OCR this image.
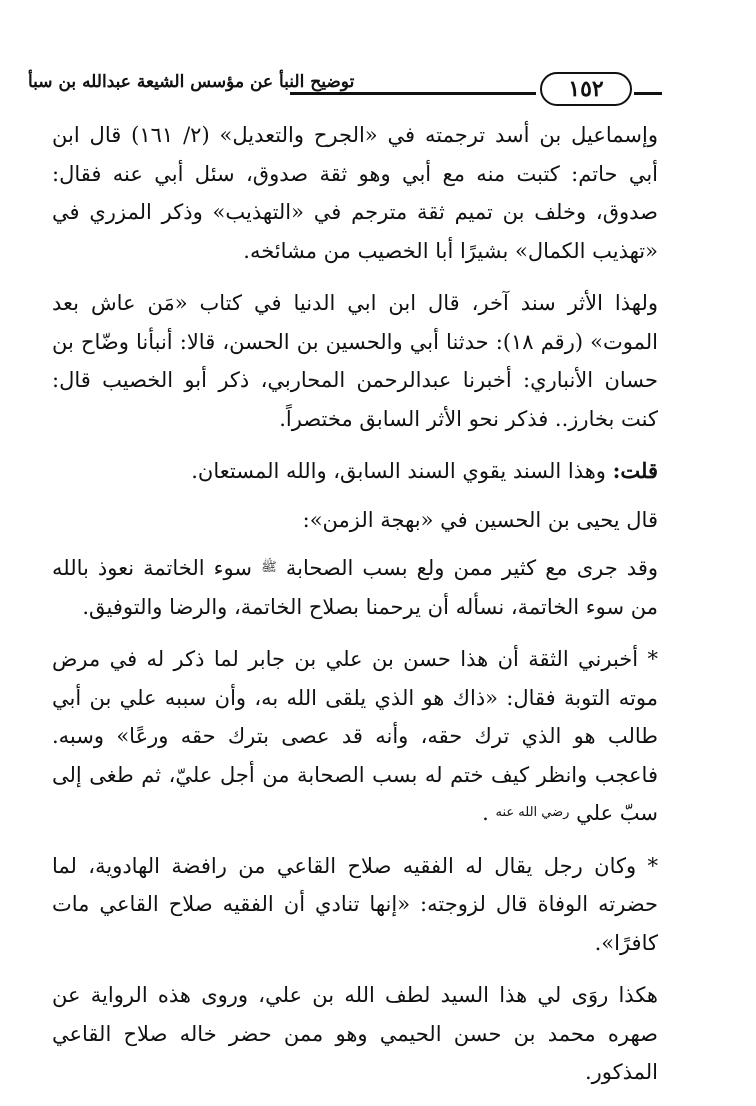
١٥٢
توضيح النبأ عن مؤسس الشيعة عبدالله بن سبأ

وإسماعيل بن أسد ترجمته في «الجرح والتعديل» (٢/ ١٦١) قال ابن أبي حاتم: كتبت منه مع أبي وهو ثقة صدوق، سئل أبي عنه فقال: صدوق، وخلف بن تميم ثقة مترجم في «التهذيب» وذكر المزري في «تهذيب الكمال» بشيرًا أبا الخصيب من مشائخه.

ولهذا الأثر سند آخر، قال ابن ابي الدنيا في كتاب «مَن عاش بعد الموت» (رقم ١٨): حدثنا أبي والحسين بن الحسن، قالا: أنبأنا وضّاح بن حسان الأنباري: أخبرنا عبدالرحمن المحاربي، ذكر أبو الخصيب قال: كنت بخارز.. فذكر نحو الأثر السابق مختصراً.

قلت: وهذا السند يقوي السند السابق، والله المستعان.

قال يحيى بن الحسين في «بهجة الزمن»:

وقد جرى مع كثير ممن ولع بسب الصحابة ﷺ سوء الخاتمة نعوذ بالله من سوء الخاتمة، نسأله أن يرحمنا بصلاح الخاتمة، والرضا والتوفيق.

* أخبرني الثقة أن هذا حسن بن علي بن جابر لما ذكر له في مرض موته التوبة فقال: «ذاك هو الذي يلقى الله به، وأن سببه علي بن أبي طالب هو الذي ترك حقه، وأنه قد عصى بترك حقه ورعًا» وسبه. فاعجب وانظر كيف ختم له بسب الصحابة من أجل عليّ، ثم طغى إلى سبّ علي رضي الله عنه .

* وكان رجل يقال له الفقيه صلاح القاعي من رافضة الهادوية، لما حضرته الوفاة قال لزوجته: «إنها تنادي أن الفقيه صلاح القاعي مات كافرًا».

هكذا روَى لي هذا السيد لطف الله بن علي، وروى هذه الرواية عن صهره محمد بن حسن الحيمي وهو ممن حضر خاله صلاح القاعي المذكور.
